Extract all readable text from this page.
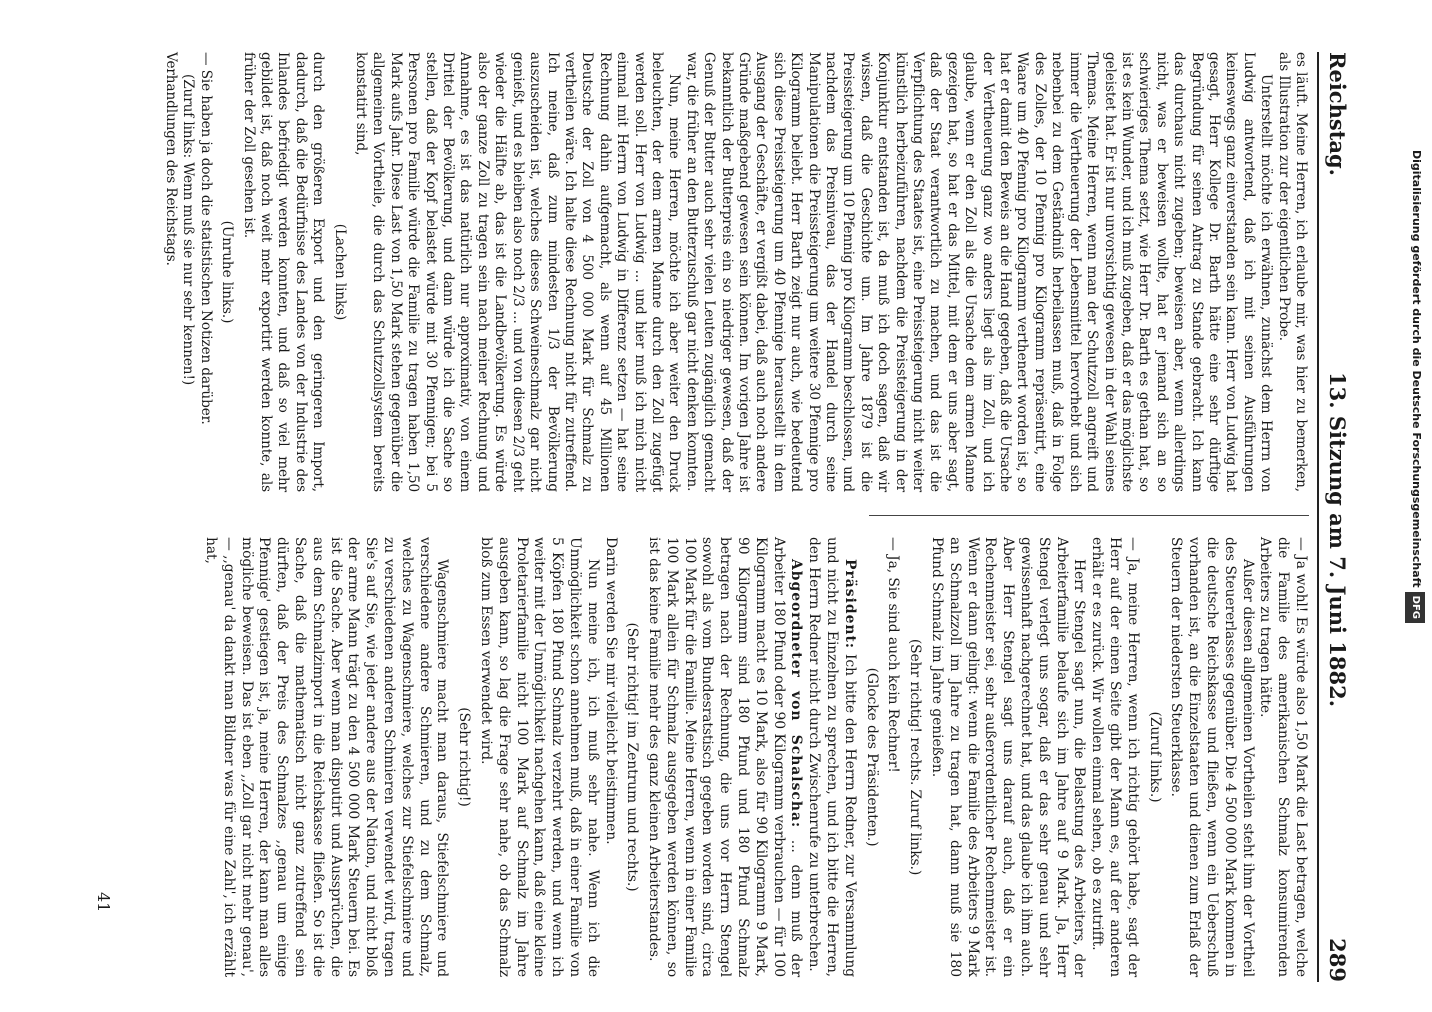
Digitalisierung gefördert durch die Deutsche ForschungsgemeinschaftDFG
Reichstag.
13. Sitzung am 7. Juni 1882.
289

es läuft. Meine Herren, ich erlaube mir, was hier zu bemerken, als Illustration zur der eigentlichen Probe.

Unterstellt möchte ich erwähnen, zunächst dem Herrn von Ludwig antwortend, daß ich mit seinen Ausführungen keineswegs ganz einverstanden sein kann. Herr von Ludwig hat gesagt, Herr Kollege Dr. Barth hätte eine sehr dürftige Begründung für seinen Antrag zu Stande gebracht. Ich kann das durchaus nicht zugeben; beweisen aber, wenn allerdings nicht, was er beweisen wollte, hat er jemand sich an so schwieriges Thema setzt, wie Herr Dr. Barth es gethan hat, so ist es kein Wunder, und ich muß zugeben, daß er das möglichste geleistet hat. Er ist nur unvorsichtig gewesen in der Wahl seines Themas. Meine Herren, wenn man der Schutzzoll angreift und immer die Vertheuerung der Lebensmittel hervorhebt und sich nebenbei zu dem Geständniß herbeilassen muß, daß in Folge des Zolles, der 10 Pfennig pro Kilogramm repräsentirt, eine Waare um 40 Pfennig pro Kilogramm verthenert worden ist, so hat er damit den Beweis an die Hand gegeben, daß die Ursache der Vertheuerung ganz wo anders liegt als im Zoll, und ich glaube, wenn er den Zoll als die Ursache dem armen Manne gezeigen hat, so hat er das Mittel, mit dem er uns aber sagt, daß der Staat verantwortlich zu machen, und das ist die Verpflichtung des Staates ist, eine Preissteigerung nicht weiter künstlich herbeizuführen, nachdem die Preissteigerung in der Konjunktur entstanden ist, da muß ich doch sagen, daß wir wissen, daß die Geschichte um. Im Jahre 1879 ist die Preissteigerung um 10 Pfennig pro Kilogramm beschlossen, und nachdem das Preisniveau, das der Handel durch seine Manipulationen die Preissteigerung um weitere 30 Pfennige pro Kilogramm beliebt. Herr Barth zeigt nur auch, wie bedeutend sich diese Preissteigerung um 40 Pfennige herausstellt in dem Ausgang der Geschäfte, er vergißt dabei, daß auch noch andere Gründe maßgebend gewesen sein können. Im vorigen Jahre ist bekanntlich der Butterpreis ein so niedriger gewesen, daß der Genuß der Butter auch sehr vielen Leuten zugänglich gemacht war, die früher an den Butterzuschuß gar nicht denken konnten.

Nun, meine Herren, möchte ich aber weiter den Druck beleuchten, der dem armen Manne durch den Zoll zugefügt werden soll. Herr von Ludwig ... und hier muß ich mich nicht einmal mit Herrn von Ludwig in Differenz setzen — hat seine Rechnung dahin aufgemacht, als wenn auf 45 Millionen Deutsche der Zoll von 4 500 000 Mark für Schmalz zu vertheilen wäre. Ich halte diese Rechnung nicht für zutreffend. Ich meine, daß zum mindesten 1/3 der Bevölkerung auszuscheiden ist, welches dieses Schweineschmalz gar nicht genießt, und es bleiben also noch 2/3 ... und von diesen 2/3 geht wieder die Hälfte ab, das ist die Landbevölkerung. Es würde also der ganze Zoll zu tragen sein nach meiner Rechnung und Annahme, es ist das natürlich nur approximativ, von einem Drittel der Bevölkerung, und dann würde ich die Sache so stellen, daß der Kopf belastet würde mit 30 Pfennigen; bei 5 Personen pro Familie würde die Familie zu tragen haben 1,50 Mark aufs Jahr. Diese Last von 1,50 Mark stehen gegenüber die allgemeinen Vortheile, die durch das Schutzzollsystem bereits konstatirt sind,

(Lachen links)

durch den größeren Export und den geringeren Import, dadurch, daß die Bedürfnisse des Landes von der Industrie des Inlandes befriedigt werden konnten, und daß so viel mehr gebildet ist, daß noch weit mehr exportirt werden konnte, als früher der Zoll gesehen ist.

(Unruhe links.)

— Sie haben ja doch die statistischen Notizen darüber.

(Zuruf links: Wenn muß sie nur sehr kennen!)

Verhandlungen des Reichstags.

— Ja wohl! Es würde also 1,50 Mark die Last betragen, welche die Familie des amerikanischen Schmalz konsumirenden Arbeiters zu tragen hätte.

Außer diesen allgemeinen Vortheilen steht ihm der Vortheil des Steuererlasses gegenüber. Die 4 500 000 Mark kommen in die deutsche Reichskasse und fließen, wenn ein Ueberschuß vorhanden ist, an die Einzelstaaten und dienen zum Erlaß der Steuern der niedersten Steuerklasse.

(Zuruf links.)

— Ja, meine Herren, wenn ich richtig gehört habe, sagt der Herr auf der einen Seite gibt der Mann es, auf der anderen erhält er es zurück. Wir wollen einmal sehen, ob es zutrifft.

Herr Stengel sagt nun, die Belastung des Arbeiters, der Arbeiterfamilie belaufe sich im Jahre auf 9 Mark. Ja, Herr Stengel verlegt uns sogar, daß er das sehr genau und sehr gewissenhaft nachgerechnet hat, und das glaube ich ihm auch. Aber Herr Stengel sagt uns darauf auch, daß er ein Rechenmeister sei, sehr außerordentlicher Rechenmeister ist. Wenn er dann gelingt: wenn die Familie des Arbeiters 9 Mark an Schmalzzoll im Jahre zu tragen hat, dann muß sie 180 Pfund Schmalz im Jahre genießen.

(Sehr richtig! rechts. Zuruf links.)

— Ja, Sie sind auch kein Rechner!

(Glocke des Präsidenten.)

Präsident: Ich bitte den Herrn Redner, zur Versammlung und nicht zu Einzelnen zu sprechen, und ich bitte die Herren, den Herrn Redner nicht durch Zwischenrufe zu unterbrechen.

Abgeordneter von Schalscha: ... denn muß der Arbeiter 180 Pfund oder 90 Kilogramm verbrauchen — für 100 Kilogramm macht es 10 Mark, also für 90 Kilogramm 9 Mark, 90 Kilogramm sind 180 Pfund und 180 Pfund Schmalz betragen nach der Rechnung, die uns vor Herrn Stengel sowohl als vom Bundesratstisch gegeben worden sind, circa 100 Mark für die Familie. Meine Herren, wenn in einer Familie 100 Mark allein für Schmalz ausgegeben werden können, so ist das keine Familie mehr des ganz kleinen Arbeiterstandes.

(Sehr richtig! im Zentrum und rechts.)

Darin werden Sie mir vielleicht beistimmen.

Nun meine ich, ich muß sehr nahe. Wenn ich die Unmöglichkeit schon annehmen muß, daß in einer Familie von 5 Köpfen 180 Pfund Schmalz verzehrt werden, und wenn ich weiter mit der Unmöglichkeit nachgehen kann, daß eine kleine Proletarierfamilie nicht 100 Mark auf Schmalz im Jahre ausgeben kann, so lag die Frage sehr nahe, ob das Schmalz bloß zum Essen verwendet wird.

(Sehr richtig!)

Wagenschmiere macht man daraus, Stiefelschmiere und verschiedene andere Schmieren, und zu dem Schmalz, welches zu Wagenschmiere, welches zur Stiefelschmiere und zu verschiedenen anderen Schmieren verwendet wird, tragen Sie's auf Sie, wie jeder andere aus der Nation, und nicht bloß der arme Mann trägt zu den 4 500 000 Mark Steuern bei. Es ist die Sache. Aber wenn man disputirt und Aussprüchen, die aus dem Schmalzimport in die Reichskasse fließen. So ist die Sache, daß die mathematisch nicht ganz zutreffend sein dürften, daß der Preis des Schmalzes ,,genau um einige Pfennige' gestiegen ist, ja, meine Herren, der kann man alles mögliche beweisen. Das ist eben ,,Zoll gar nicht mehr genau', — ,,genau' da dankt man Bildner was für eine Zahl', ich erzählt hat,

41
